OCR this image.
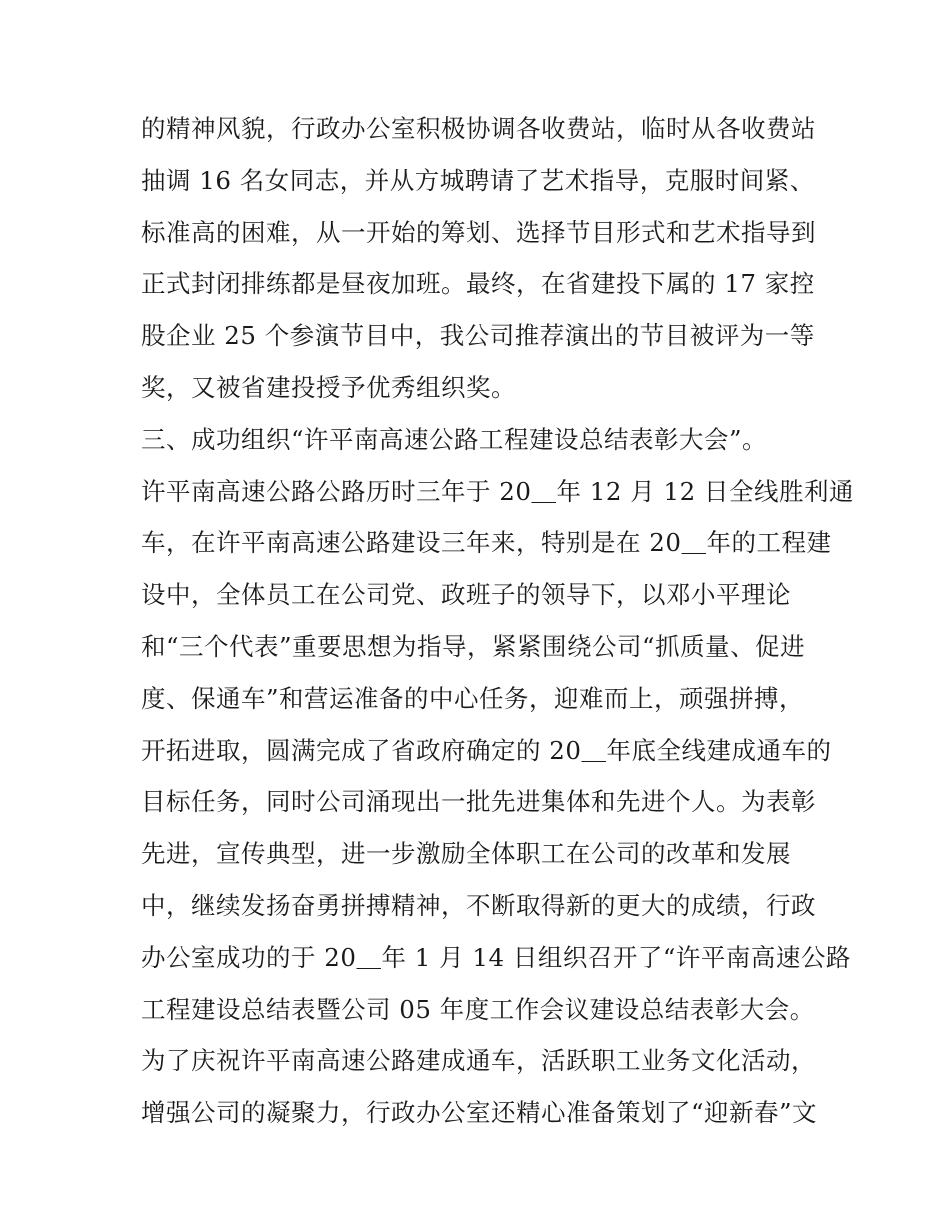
的精神风貌，行政办公室积极协调各收费站，临时从各收费站
抽调 16 名女同志，并从方城聘请了艺术指导，克服时间紧、
标准高的困难，从一开始的筹划、选择节目形式和艺术指导到
正式封闭排练都是昼夜加班。最终，在省建投下属的 17 家控
股企业 25 个参演节目中，我公司推荐演出的节目被评为一等
奖，又被省建投授予优秀组织奖。
三、成功组织“许平南高速公路工程建设总结表彰大会”。
许平南高速公路公路历时三年于 20＿年 12 月 12 日全线胜利通
车，在许平南高速公路建设三年来，特别是在 20＿年的工程建
设中，全体员工在公司党、政班子的领导下，以邓小平理论
和“三个代表”重要思想为指导，紧紧围绕公司“抓质量、促进
度、保通车”和营运准备的中心任务，迎难而上，顽强拼搏，
开拓进取，圆满完成了省政府确定的 20＿年底全线建成通车的
目标任务，同时公司涌现出一批先进集体和先进个人。为表彰
先进，宣传典型，进一步激励全体职工在公司的改革和发展
中，继续发扬奋勇拼搏精神，不断取得新的更大的成绩，行政
办公室成功的于 20＿年 1 月 14 日组织召开了“许平南高速公路
工程建设总结表暨公司 05 年度工作会议建设总结表彰大会。
为了庆祝许平南高速公路建成通车，活跃职工业务文化活动，
增强公司的凝聚力，行政办公室还精心准备策划了“迎新春”文
